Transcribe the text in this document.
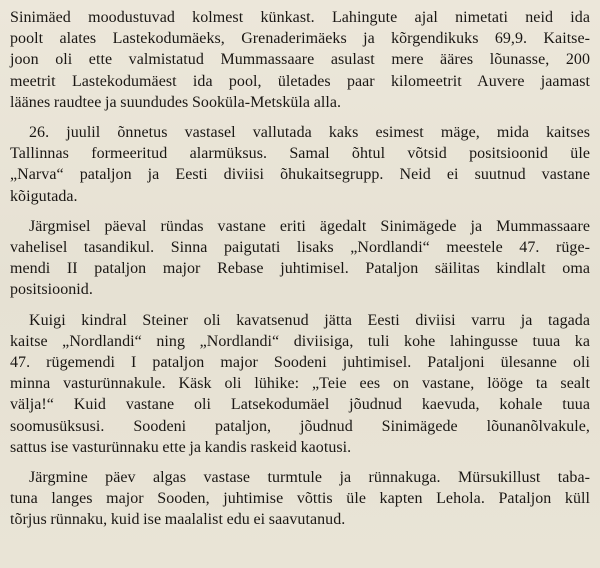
Sinimäed moodustuvad kolmest künkast. Lahingute ajal nimetati neid ida
poolt alates Lastekodumäeks, Grenaderimäeks ja kõrgendikuks 69,9. Kaitse-
joon oli ette valmistatud Mummassaare asulast mere ääres lõunasse, 200
meetrit Lastekodumäest ida pool, ületades paar kilomeetrit Auvere jaamast
läänes raudtee ja suundudes Sooküla-Metsküla alla.

26. juulil õnnetus vastasel vallutada kaks esimest mäge, mida kaitses
Tallinnas formeeritud alarmüksus. Samal õhtul võtsid positsioonid üle
„Narva“ pataljon ja Eesti diviisi õhukaitsegrupp. Neid ei suutnud vastane
kõigutada.

Järgmisel päeval ründas vastane eriti ägedalt Sinimägede ja Mummassaare
vahelisel tasandikul. Sinna paigutati lisaks „Nordlandi“ meestele 47. rüge-
mendi II pataljon major Rebase juhtimisel. Pataljon säilitas kindlalt oma
positsioonid.

Kuigi kindral Steiner oli kavatsenud jätta Eesti diviisi varru ja tagada
kaitse „Nordlandi“ ning „Nordlandi“ diviisiga, tuli kohe lahingusse tuua ka
47. rügemendi I pataljon major Soodeni juhtimisel. Pataljoni ülesanne oli
minna vasturünnakule. Käsk oli lühike: „Teie ees on vastane, lööge ta sealt
välja!“ Kuid vastane oli Latsekodumäel jõudnud kaevuda, kohale tuua
soomusüksusi. Soodeni pataljon, jõudnud Sinimägede lõunanõlvakule,
sattus ise vasturünnaku ette ja kandis raskeid kaotusi.

Järgmine päev algas vastase turmtule ja rünnakuga. Mürsukillust taba-
tuna langes major Sooden, juhtimise võttis üle kapten Lehola. Pataljon küll
tõrjus rünnaku, kuid ise maalalist edu ei saavutanud.
